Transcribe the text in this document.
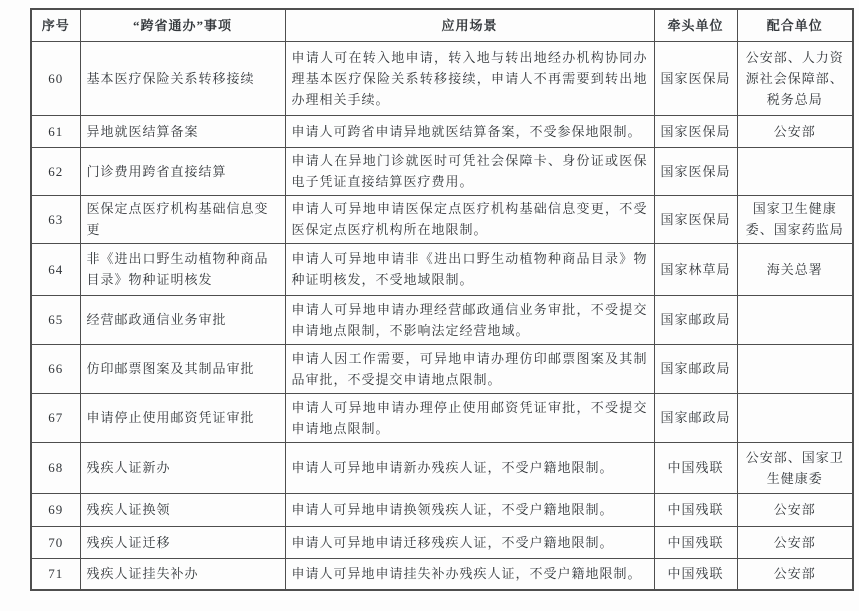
序号	“跨省通办”事项	应用场景	牵头单位	配合单位
60	基本医疗保险关系转移接续	申请人可在转入地申请，转入地与转出地经办机构协同办理基本医疗保险关系转移接续，申请人不再需要到转出地办理相关手续。	国家医保局	公安部、人力资源社会保障部、税务总局
61	异地就医结算备案	申请人可跨省申请异地就医结算备案，不受参保地限制。	国家医保局	公安部
62	门诊费用跨省直接结算	申请人在异地门诊就医时可凭社会保障卡、身份证或医保电子凭证直接结算医疗费用。	国家医保局	
63	医保定点医疗机构基础信息变更	申请人可异地申请医保定点医疗机构基础信息变更，不受医保定点医疗机构所在地限制。	国家医保局	国家卫生健康委、国家药监局
64	非《进出口野生动植物种商品目录》物种证明核发	申请人可异地申请非《进出口野生动植物种商品目录》物种证明核发，不受地域限制。	国家林草局	海关总署
65	经营邮政通信业务审批	申请人可异地申请办理经营邮政通信业务审批，不受提交申请地点限制，不影响法定经营地域。	国家邮政局	
66	仿印邮票图案及其制品审批	申请人因工作需要，可异地申请办理仿印邮票图案及其制品审批，不受提交申请地点限制。	国家邮政局	
67	申请停止使用邮资凭证审批	申请人可异地申请办理停止使用邮资凭证审批，不受提交申请地点限制。	国家邮政局	
68	残疾人证新办	申请人可异地申请新办残疾人证，不受户籍地限制。	中国残联	公安部、国家卫生健康委
69	残疾人证换领	申请人可异地申请换领残疾人证，不受户籍地限制。	中国残联	公安部
70	残疾人证迁移	申请人可异地申请迁移残疾人证，不受户籍地限制。	中国残联	公安部
71	残疾人证挂失补办	申请人可异地申请挂失补办残疾人证，不受户籍地限制。	中国残联	公安部
